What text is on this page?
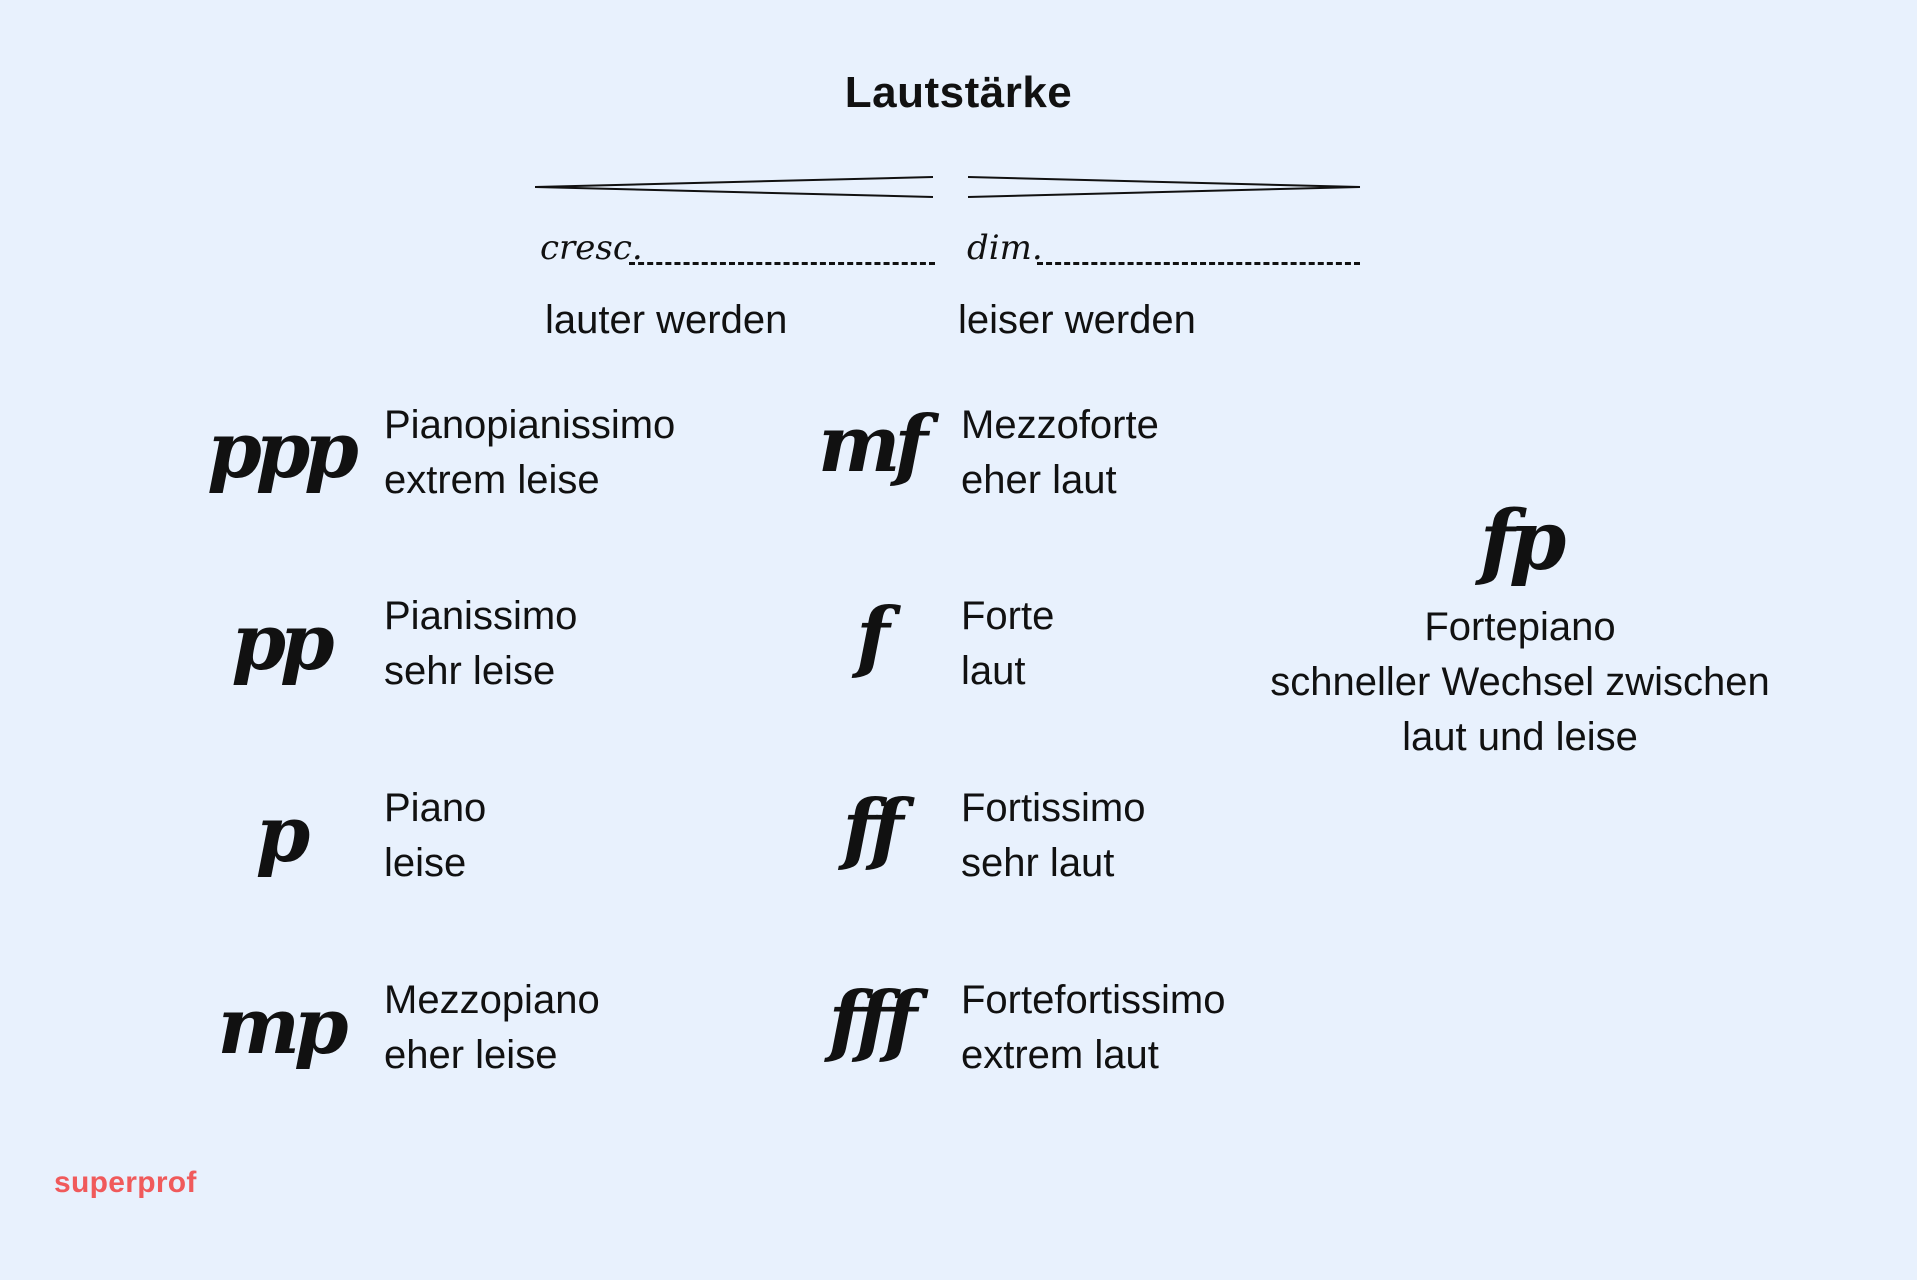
Lautstärke
cresc.	dim.
lauter werden	leiser werden
ppp Pianopianissimo
extrem leise
pp	Pianissimo
sehr leise
p	Piano
leise
mp	Mezzopiano
eher leise
mf Mezzoforte
eher laut
f	Forte
laut
ff	Fortissimo
sehr laut
fff	Fortefortissimo
extrem laut
fp
Fortepiano
schneller Wechsel zwischen
laut und leise
superprof
